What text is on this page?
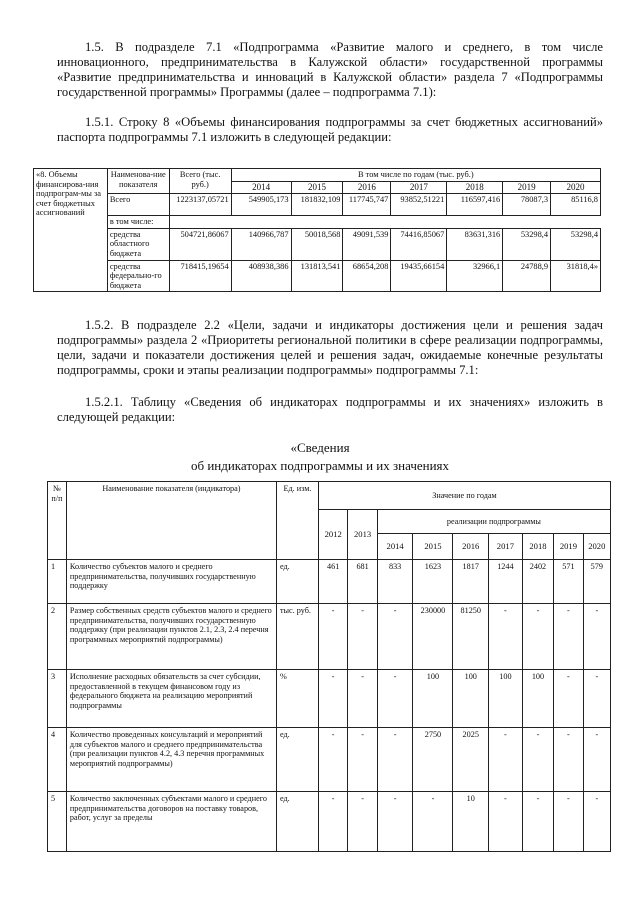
1.5. В подразделе 7.1 «Подпрограмма «Развитие малого и среднего, в том числе инновационного, предпринимательства в Калужской области» государственной программы «Развитие предпринимательства и инноваций в Калужской области» раздела 7 «Подпрограммы государственной программы» Программы (далее – подпрограмма 7.1):

1.5.1. Строку 8 «Объемы финансирования подпрограммы за счет бюджетных ассигнований» паспорта подпрограммы 7.1 изложить в следующей редакции:

«8. Объемы финансирова-ния подпрограм-мы за счет бюджетных ассигнований	Наименова-ние показателя	Всего (тыс. руб.)	В том числе по годам (тыс. руб.)						
			2014	2015	2016	2017	2018	2019	2020
	Всего	1223137,05721	549905,173	181832,109	117745,747	93852,51221	116597,416	78087,3	85116,8
	в том числе:								
	средства областного бюджета	504721,86067	140966,787	50018,568	49091,539	74416,85067	83631,316	53298,4	53298,4
	средства федерально-го бюджета	718415,19654	408938,386	131813,541	68654,208	19435,66154	32966,1	24788,9	31818,4»

1.5.2. В подразделе 2.2 «Цели, задачи и индикаторы достижения цели и решения задач подпрограммы» раздела 2 «Приоритеты региональной политики в сфере реализации подпрограммы, цели, задачи и показатели достижения целей и решения задач, ожидаемые конечные результаты подпрограммы, сроки и этапы реализации подпрограммы» подпрограммы 7.1:

1.5.2.1. Таблицу «Сведения об индикаторах подпрограммы и их значениях» изложить в следующей редакции:

«Сведения
об индикаторах подпрограммы и их значениях
№ п/п	Наименование показателя (индикатора)	Ед. изм.	Значение по годам								
			2012	2013	реализации подпрограммы						
					2014	2015	2016	2017	2018	2019	2020
1	Количество субъектов малого и среднего предпринимательства, получивших государственную поддержку	ед.	461	681	833	1623	1817	1244	2402	571	579
2	Размер собственных средств субъектов малого и среднего предпринимательства, получивших государственную поддержку (при реализации пунктов 2.1, 2.3, 2.4 перечня программных мероприятий подпрограммы)	тыс. руб.	-	-	-	230000	81250	-	-	-	-
3	Исполнение расходных обязательств за счет субсидии, предоставленной в текущем финансовом году из федерального бюджета на реализацию мероприятий подпрограммы	%	-	-	-	100	100	100	100	-	-
4	Количество проведенных консультаций и мероприятий для субъектов малого и среднего предпринимательства (при реализации пунктов 4.2, 4.3 перечня программных мероприятий подпрограммы)	ед.	-	-	-	2750	2025	-	-	-	-
5	Количество заключенных субъектами малого и среднего предпринимательства договоров на поставку товаров, работ, услуг за пределы	ед.	-	-	-	-	10	-	-	-	-
